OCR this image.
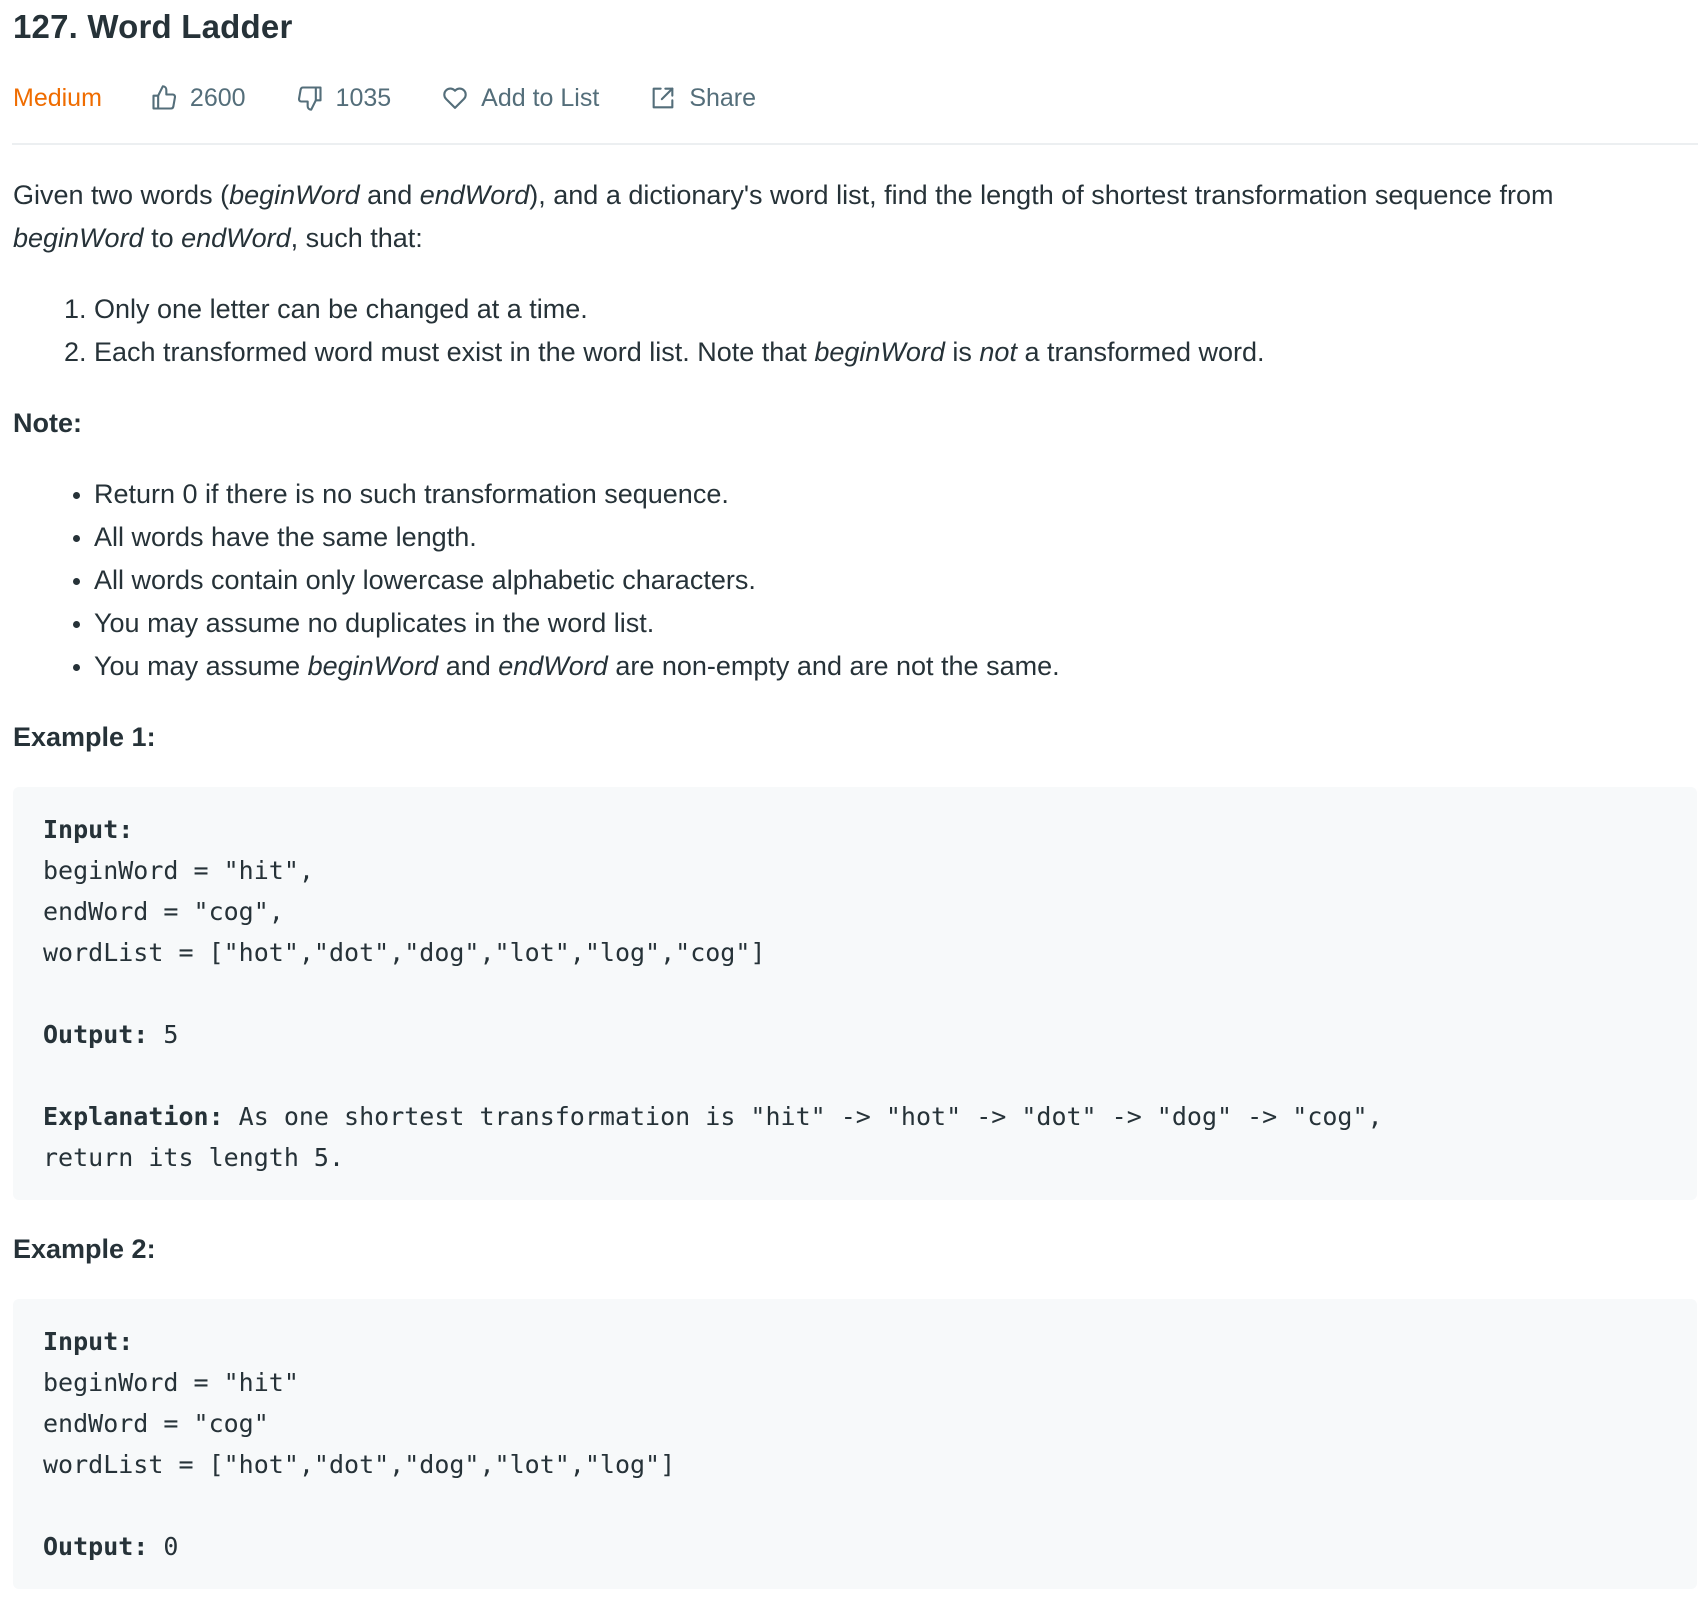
127. Word Ladder
Medium	2600	1035	Add to List	Share

Given two words (beginWord and endWord), and a dictionary's word list, find the length of shortest transformation sequence from beginWord to endWord, such that:

1. Only one letter can be changed at a time.
2. Each transformed word must exist in the word list. Note that beginWord is not a transformed word.

Note:

• Return 0 if there is no such transformation sequence.
• All words have the same length.
• All words contain only lowercase alphabetic characters.
• You may assume no duplicates in the word list.
• You may assume beginWord and endWord are non-empty and are not the same.

Example 1:

Input:
beginWord = "hit",
endWord = "cog",
wordList = ["hot","dot","dog","lot","log","cog"]

Output: 5

Explanation: As one shortest transformation is "hit" -> "hot" -> "dot" -> "dog" -> "cog",
return its length 5.

Example 2:

Input:
beginWord = "hit"
endWord = "cog"
wordList = ["hot","dot","dog","lot","log"]

Output: 0
